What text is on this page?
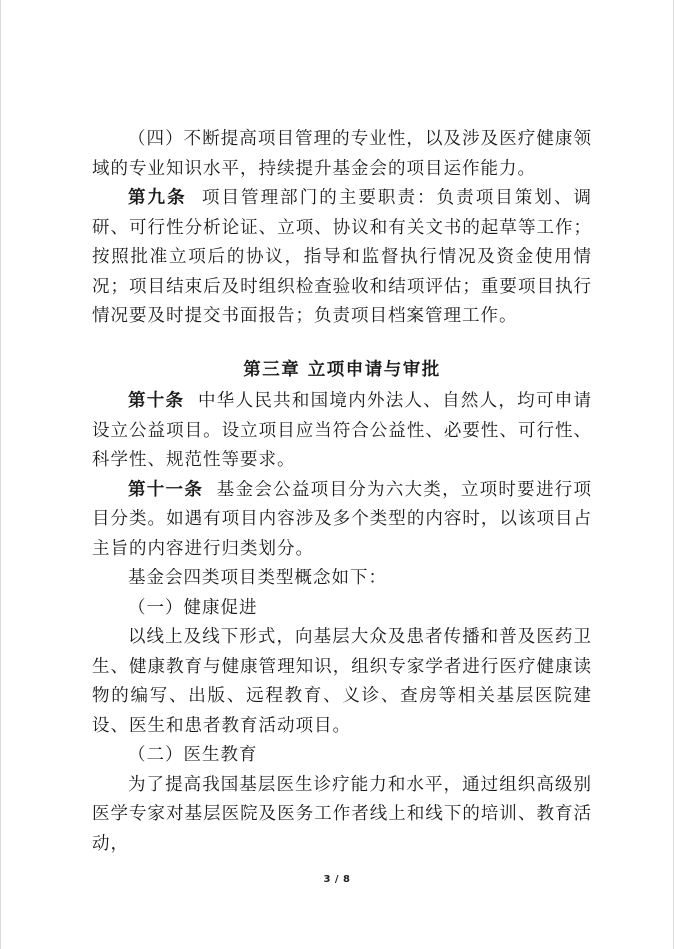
（四）不断提高项目管理的专业性，以及涉及医疗健康领域的专业知识水平，持续提升基金会的项目运作能力。

第九条 项目管理部门的主要职责：负责项目策划、调研、可行性分析论证、立项、协议和有关文书的起草等工作；按照批准立项后的协议，指导和监督执行情况及资金使用情况；项目结束后及时组织检查验收和结项评估；重要项目执行情况要及时提交书面报告；负责项目档案管理工作。

第三章 立项申请与审批

第十条 中华人民共和国境内外法人、自然人，均可申请设立公益项目。设立项目应当符合公益性、必要性、可行性、科学性、规范性等要求。

第十一条 基金会公益项目分为六大类，立项时要进行项目分类。如遇有项目内容涉及多个类型的内容时，以该项目占主旨的内容进行归类划分。

基金会四类项目类型概念如下：

（一）健康促进

以线上及线下形式，向基层大众及患者传播和普及医药卫生、健康教育与健康管理知识，组织专家学者进行医疗健康读物的编写、出版、远程教育、义诊、查房等相关基层医院建设、医生和患者教育活动项目。

（二）医生教育

为了提高我国基层医生诊疗能力和水平，通过组织高级别医学专家对基层医院及医务工作者线上和线下的培训、教育活动，

3 / 8
